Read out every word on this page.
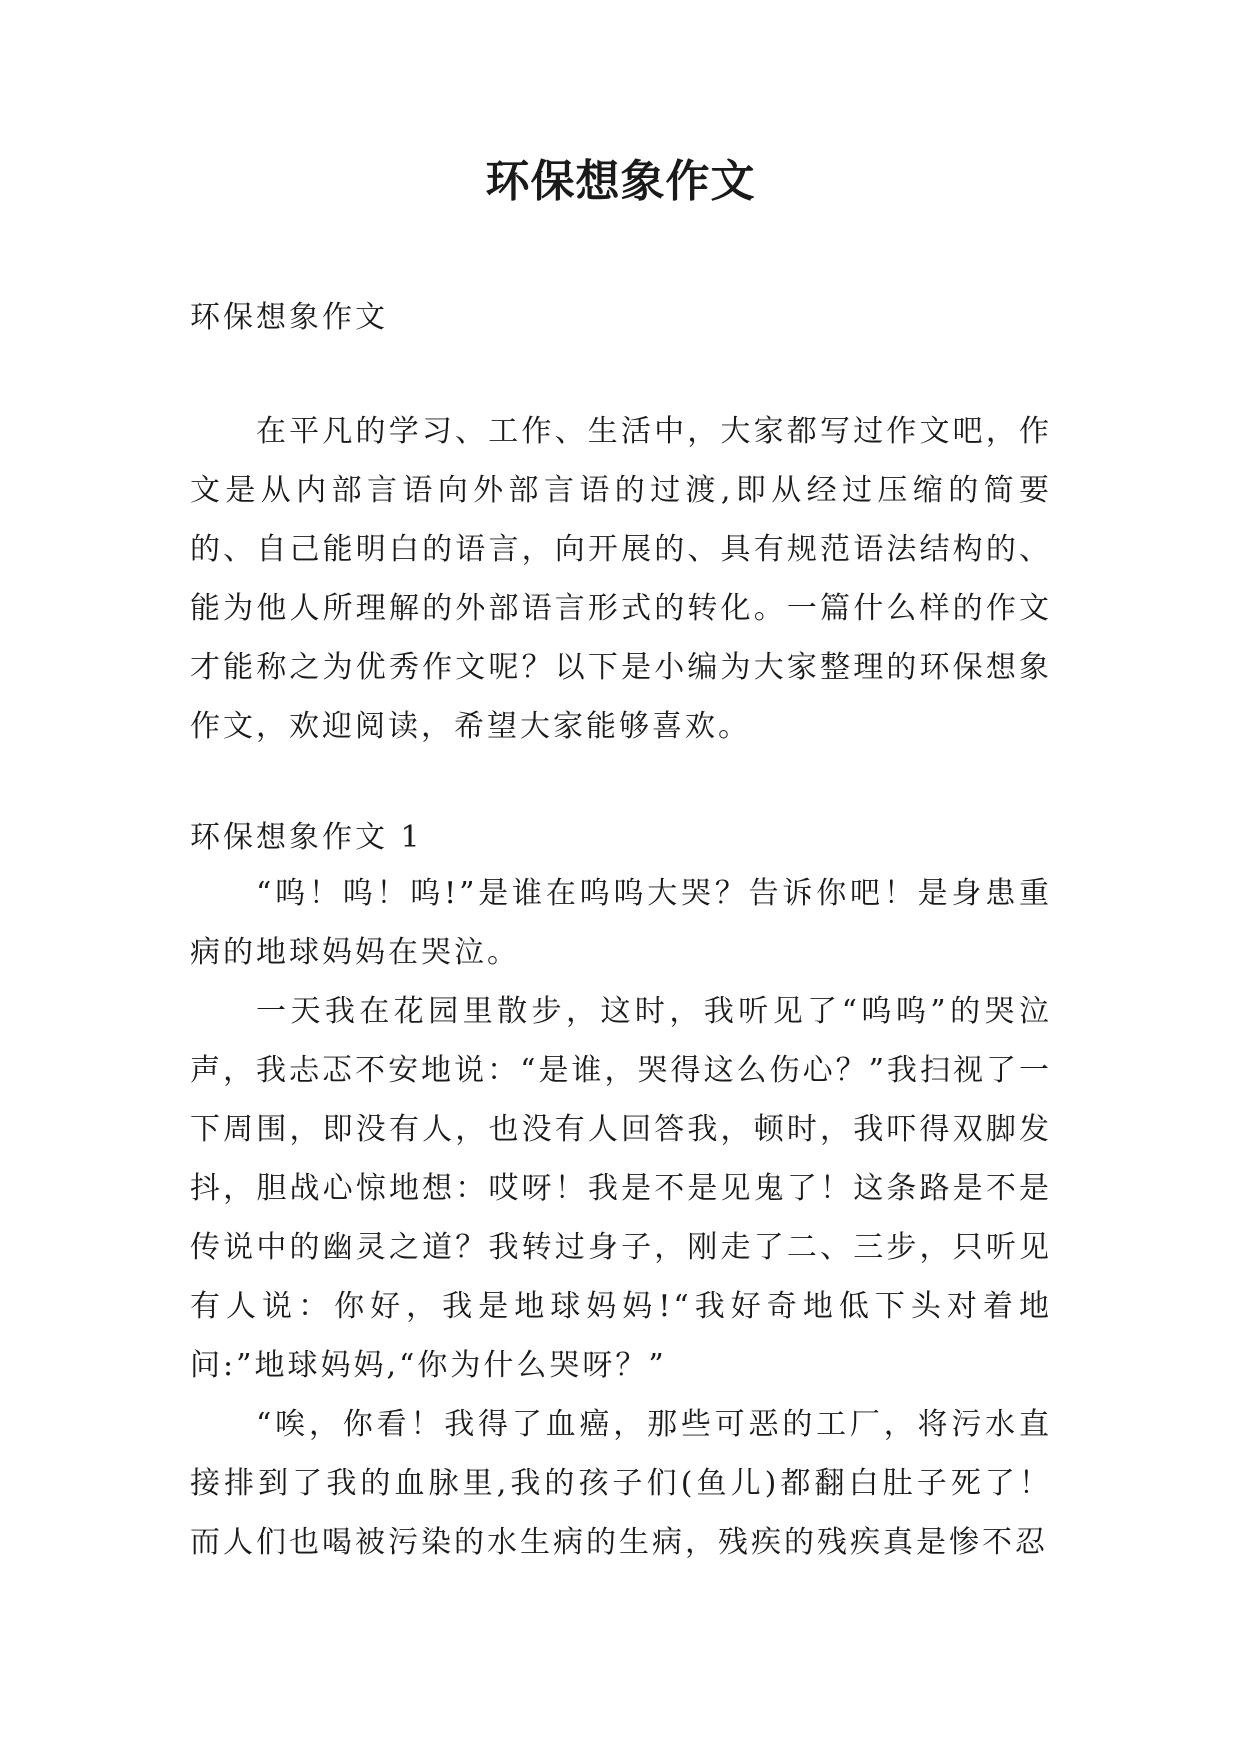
环保想象作文

环保想象作文

在平凡的学习、工作、生活中，大家都写过作文吧，作文是从内部言语向外部言语的过渡,即从经过压缩的简要的、自己能明白的语言，向开展的、具有规范语法结构的、能为他人所理解的外部语言形式的转化。一篇什么样的作文才能称之为优秀作文呢？以下是小编为大家整理的环保想象作文，欢迎阅读，希望大家能够喜欢。

环保想象作文 1

“呜！呜！呜!”是谁在呜呜大哭？告诉你吧！是身患重病的地球妈妈在哭泣。

一天我在花园里散步，这时，我听见了“呜呜”的哭泣声，我忐忑不安地说：“是谁，哭得这么伤心？”我扫视了一下周围，即没有人，也没有人回答我，顿时，我吓得双脚发抖，胆战心惊地想：哎呀！我是不是见鬼了！这条路是不是传说中的幽灵之道？我转过身子，刚走了二、三步，只听见有人说：你好，我是地球妈妈!“我好奇地低下头对着地问:”地球妈妈,“你为什么哭呀？”

“唉，你看！我得了血癌，那些可恶的工厂，将污水直接排到了我的血脉里,我的孩子们(鱼儿)都翻白肚子死了！而人们也喝被污染的水生病的生病，残疾的残疾真是惨不忍
